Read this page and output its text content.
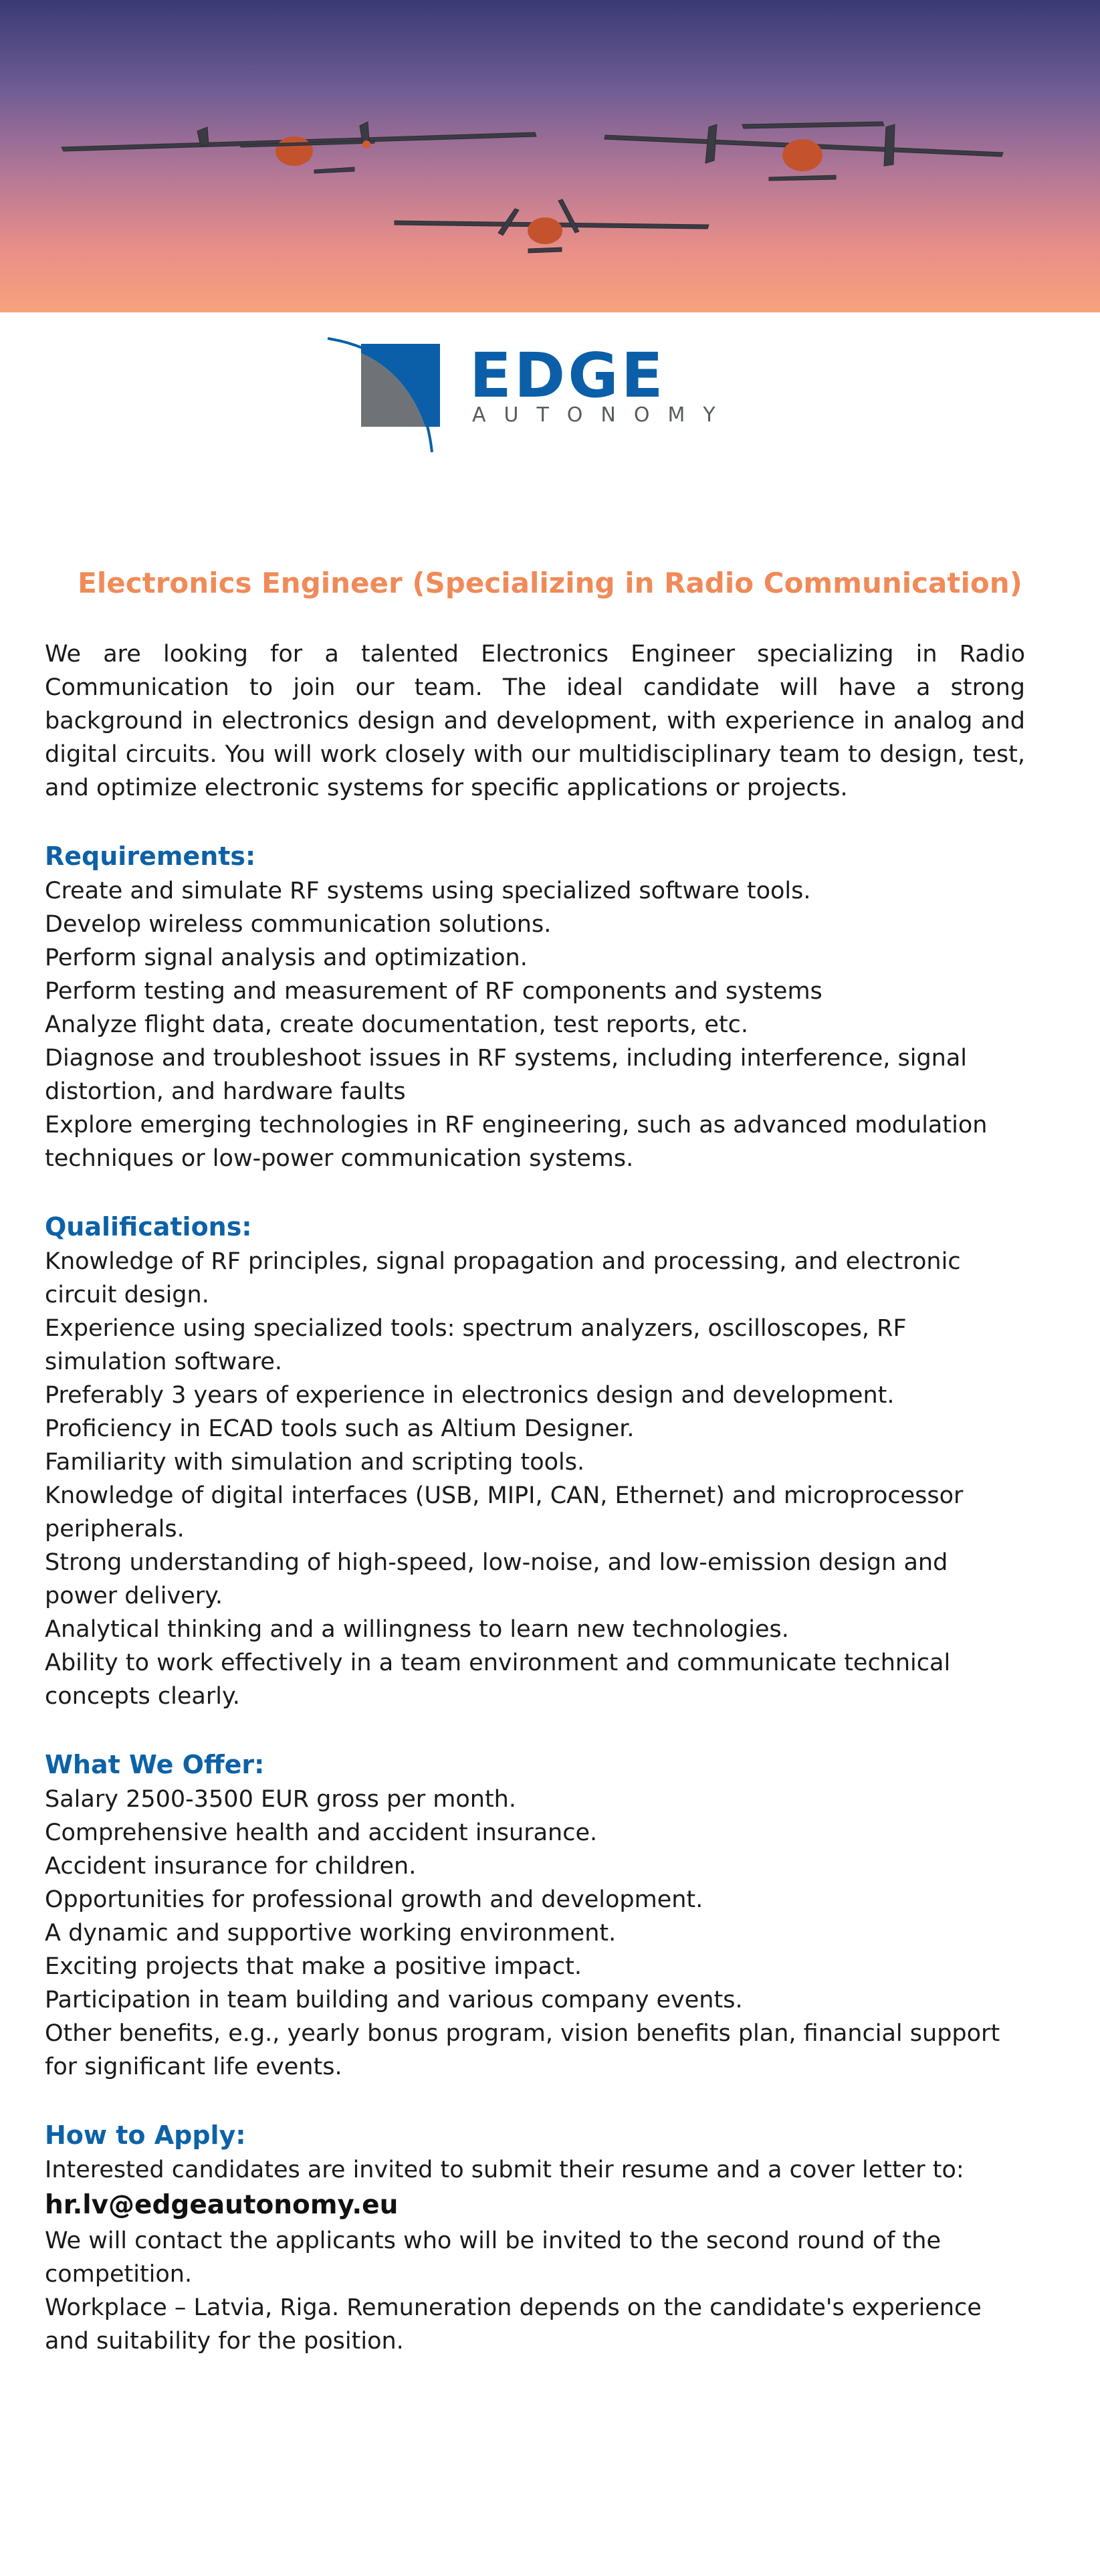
EDGE
AUTONOMY
Electronics Engineer (Specializing in Radio Communication)

We are looking for a talented Electronics Engineer specializing in Radio Communication to join our team. The ideal candidate will have a strong background in electronics design and development, with experience in analog and digital circuits. You will work closely with our multidisciplinary team to design, test, and optimize electronic systems for specific applications or projects.

Requirements:
Create and simulate RF systems using specialized software tools.
Develop wireless communication solutions.
Perform signal analysis and optimization.
Perform testing and measurement of RF components and systems
Analyze flight data, create documentation, test reports, etc.
Diagnose and troubleshoot issues in RF systems, including interference, signal distortion, and hardware faults
Explore emerging technologies in RF engineering, such as advanced modulation techniques or low-power communication systems.
Qualifications:
Knowledge of RF principles, signal propagation and processing, and electronic circuit design.
Experience using specialized tools: spectrum analyzers, oscilloscopes, RF simulation software.
Preferably 3 years of experience in electronics design and development.
Proficiency in ECAD tools such as Altium Designer.
Familiarity with simulation and scripting tools.
Knowledge of digital interfaces (USB, MIPI, CAN, Ethernet) and microprocessor peripherals.
Strong understanding of high-speed, low-noise, and low-emission design and power delivery.
Analytical thinking and a willingness to learn new technologies.
Ability to work effectively in a team environment and communicate technical concepts clearly.
What We Offer:
Salary 2500-3500 EUR gross per month.
Comprehensive health and accident insurance.
Accident insurance for children.
Opportunities for professional growth and development.
A dynamic and supportive working environment.
Exciting projects that make a positive impact.
Participation in team building and various company events.
Other benefits, e.g., yearly bonus program, vision benefits plan, financial support for significant life events.
How to Apply:

Interested candidates are invited to submit their resume and a cover letter to:

hr.lv@edgeautonomy.eu

We will contact the applicants who will be invited to the second round of the competition.

Workplace – Latvia, Riga. Remuneration depends on the candidate's experience and suitability for the position.
